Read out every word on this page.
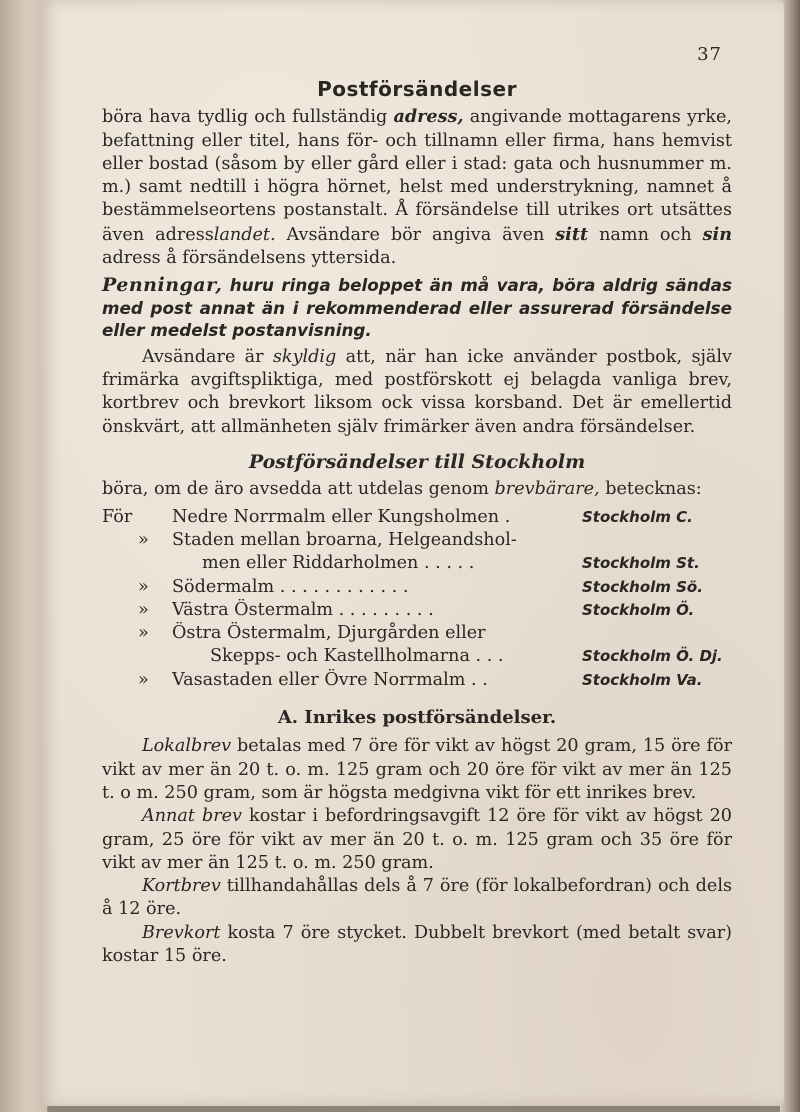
37
Postförsändelser

böra hava tydlig och fullständig adress, angivande mottagarens yrke, befattning eller titel, hans för- och tillnamn eller firma, hans hemvist eller bostad (såsom by eller gård eller i stad: gata och husnummer m. m.) samt nedtill i högra hörnet, helst med understrykning, namnet å bestämmelseortens postanstalt. Å försändelse till utrikes ort utsättes även adresslandet. Avsändare bör angiva även sitt namn och sin adress å försändelsens yttersida.

Penningar, huru ringa beloppet än må vara, böra aldrig sändas med post annat än i rekommenderad eller assurerad försändelse eller medelst postanvisning.

Avsändare är skyldig att, när han icke använder postbok, själv frimärka avgiftspliktiga, med postförskott ej belagda vanliga brev, kortbrev och brevkort liksom ock vissa korsband. Det är emellertid önskvärt, att allmänheten själv frimärker även andra försändelser.

Postförsändelser till Stockholm

böra, om de äro avsedda att utdelas genom brevbärare, betecknas:

För	Nedre Norrmalm eller Kungsholmen .	Stockholm C.
»	Staden mellan broarna, Helgeandshol-
men eller Riddarholmen . . . . .	Stockholm St.
»	Södermalm . . . . . . . . . . . .	Stockholm Sö.
»	Västra Östermalm . . . . . . . . .	Stockholm Ö.
»	Östra Östermalm, Djurgården eller
Skepps- och Kastellholmarna . . .	Stockholm Ö. Dj.
»	Vasastaden eller Övre Norrmalm . .	Stockholm Va.
A. Inrikes postförsändelser.

Lokalbrev betalas med 7 öre för vikt av högst 20 gram, 15 öre för vikt av mer än 20 t. o. m. 125 gram och 20 öre för vikt av mer än 125 t. o m. 250 gram, som är högsta medgivna vikt för ett inrikes brev.

Annat brev kostar i befordringsavgift 12 öre för vikt av högst 20 gram, 25 öre för vikt av mer än 20 t. o. m. 125 gram och 35 öre för vikt av mer än 125 t. o. m. 250 gram.

Kortbrev tillhandahållas dels å 7 öre (för lokalbefordran) och dels å 12 öre.

Brevkort kosta 7 öre stycket. Dubbelt brevkort (med betalt svar) kostar 15 öre.
